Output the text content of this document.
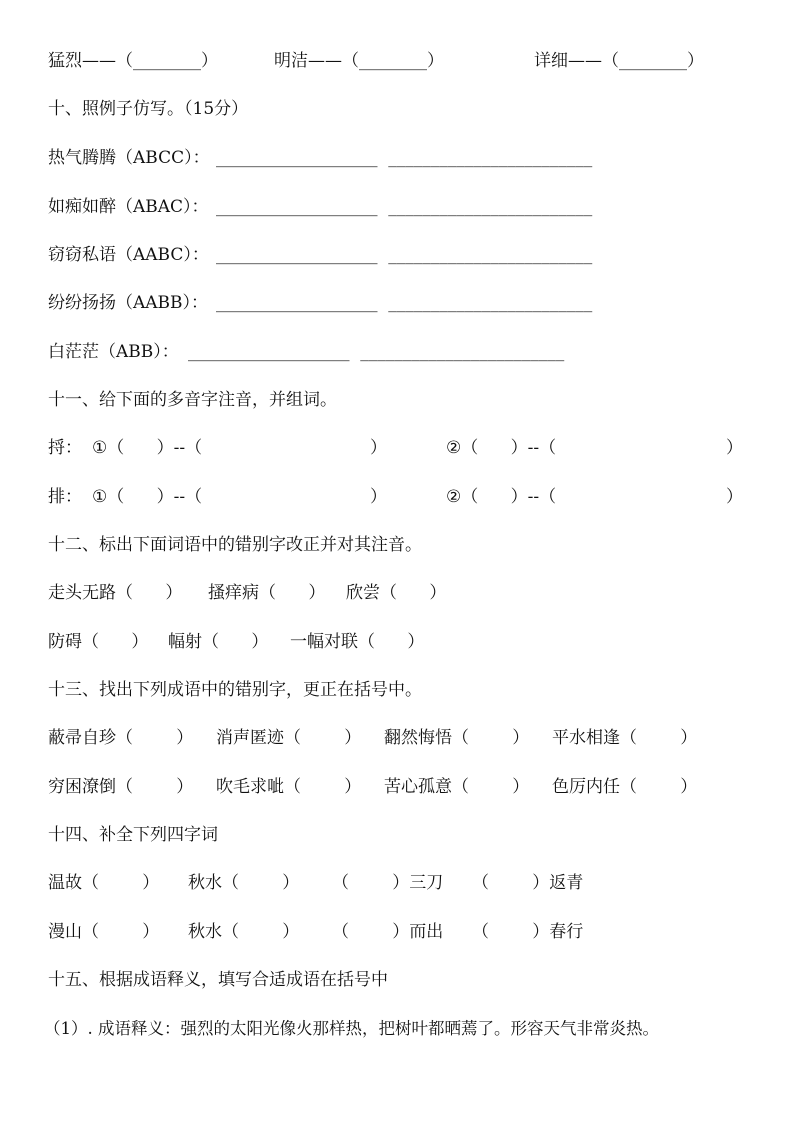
猛烈——（________）

	明洁——（________）

	详细——（________）

十、照例子仿写。（15分）

热气腾腾（ABCC）：

___________________  ________________________

如痴如醉（ABAC）：

___________________  ________________________

窃窃私语（AABC）：

___________________  ________________________

纷纷扬扬（AABB）：

___________________  ________________________

白茫茫（ABB）：

___________________  ________________________

十一、给下面的多音字注音，并组词。

捋：

①（      ）--（

	）

	②（      ）--（

	）

排：

①（      ）--（

	）

	②（      ）--（

	）

十二、标出下面词语中的错别字改正并对其注音。

走头无路（      ）

搔痒病（      ）

欣尝（      ）

防碍（      ）

幅射（      ）

一幅对联（      ）

十三、找出下列成语中的错别字，更正在括号中。

蔽帚自珍（        ）

消声匿迹（        ）

翻然悔悟（        ）

平水相逢（        ）

穷困潦倒（        ）

吹毛求呲（        ）

苦心孤意（        ）

色厉内任（        ）

十四、补全下列四字词

温故（        ）

秋水（        ）

（        ）三刀

（        ）返青

漫山（        ）

秋水（        ）

（        ）而出

（        ）春行

十五、根据成语释义，填写合适成语在括号中
（1）. 成语释义：强烈的太阳光像火那样热，把树叶都晒蔫了。形容天气非常炎热。
